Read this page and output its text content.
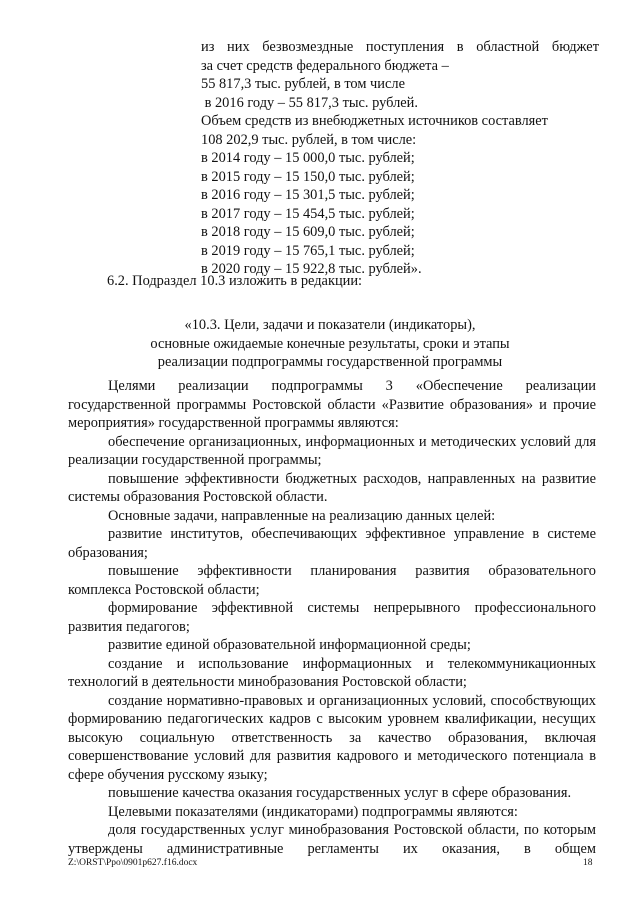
из них безвозмездные поступления в областной бюджет

за счет средств федерального бюджета –

55 817,3 тыс. рублей, в том числе

в 2016 году – 55 817,3 тыс. рублей.

Объем средств из внебюджетных источников составляет

108 202,9 тыс. рублей, в том числе:

в 2014 году – 15 000,0 тыс. рублей;

в 2015 году – 15 150,0 тыс. рублей;

в 2016 году – 15 301,5 тыс. рублей;

в 2017 году – 15 454,5 тыс. рублей;

в 2018 году – 15 609,0 тыс. рублей;

в 2019 году – 15 765,1 тыс. рублей;

в 2020 году – 15 922,8 тыс. рублей».

6.2. Подраздел 10.3 изложить в редакции:

«10.3. Цели, задачи и показатели (индикаторы),

основные ожидаемые конечные результаты, сроки и этапы

реализации подпрограммы государственной программы

Целями реализации подпрограммы 3 «Обеспечение реализации государственной программы Ростовской области «Развитие образования» и прочие мероприятия» государственной программы являются:

обеспечение организационных, информационных и методических условий для реализации государственной программы;

повышение эффективности бюджетных расходов, направленных на развитие системы образования Ростовской области.

Основные задачи, направленные на реализацию данных целей:

развитие институтов, обеспечивающих эффективное управление в системе образования;

повышение эффективности планирования развития образовательного комплекса Ростовской области;

формирование эффективной системы непрерывного профессионального развития педагогов;

развитие единой образовательной информационной среды;

создание и использование информационных и телекоммуникационных технологий в деятельности минобразования Ростовской области;

создание нормативно-правовых и организационных условий, способствующих формированию педагогических кадров с высоким уровнем квалификации, несущих высокую социальную ответственность за качество образования, включая совершенствование условий для развития кадрового и методического потенциала в сфере обучения русскому языку;

повышение качества оказания государственных услуг в сфере образования.

Целевыми показателями (индикаторами) подпрограммы являются:

доля государственных услуг минобразования Ростовской области, по которым утверждены административные регламенты их оказания, в общем

Z:\ORST\Ppo\0901p627.f16.docx	18
